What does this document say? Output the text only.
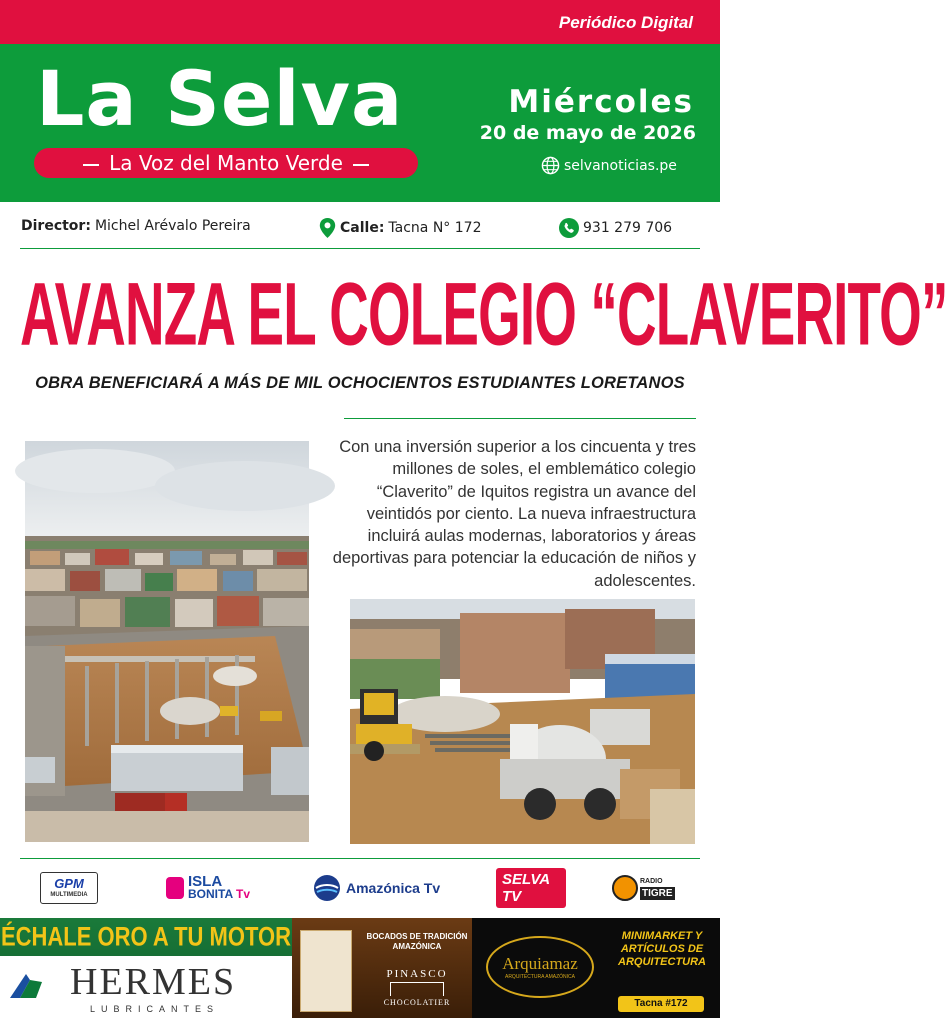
Periódico Digital
La Selva
La Voz del Manto Verde
Miércoles
20 de mayo de 2026
selvanoticias.pe
Director: Michel Arévalo Pereira	Calle: Tacna N° 172	931 279 706
AVANZA EL COLEGIO “CLAVERITO”
OBRA BENEFICIARÁ A MÁS DE MIL OCHOCIENTOS ESTUDIANTES LORETANOS
Con una inversión superior a los cincuenta y tres millones de soles, el emblemático colegio “Claverito” de Iquitos registra un avance del veintidós por ciento. La nueva infraestructura incluirá aulas modernas, laboratorios y áreas deportivas para potenciar la educación de niños y adolescentes.
GPM
MULTIMEDIA
ISLA
BONITA Tv	Amazónica Tv	SELVA TV
RADIO
TIGRE
ÉCHALE ORO A TU MOTOR
HERMES
LUBRICANTES
BOCADOS DE TRADICIÓN AMAZÓNICA
PINASCO
CHOCOLATIER
Arquiamaz
ARQUITECTURA AMAZÓNICA
MINIMARKET Y ARTÍCULOS DE ARQUITECTURA
Tacna #172
